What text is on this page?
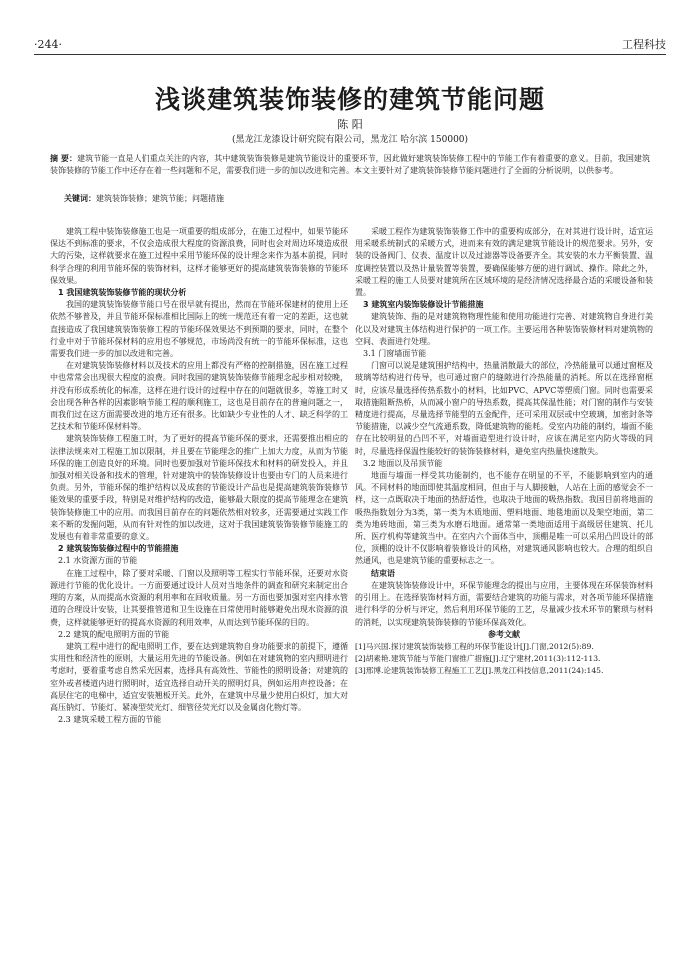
·244·	工程科技
浅谈建筑装饰装修的建筑节能问题
陈 阳
(黑龙江龙漆设计研究院有限公司，黑龙江 哈尔滨 150000)
摘 要：建筑节能一直是人们重点关注的内容，其中建筑装饰装修是建筑节能设计的重要环节，因此做好建筑装饰装修工程中的节能工作有着重要的意义。目前，我国建筑装饰装修的节能工作中还存在着一些问题和不足，需要我们进一步的加以改进和完善。本文主要针对了建筑装饰装修节能问题进行了全面的分析说明，以供参考。
关键词：建筑装饰装修；建筑节能；问题措施

建筑工程中装饰装修施工也是一项重要的组成部分，在施工过程中，如果节能环保达不到标准的要求，不仅会造成很大程度的资源浪费，同时也会对周边环境造成很大的污染，这样就要求在施工过程中采用节能环保的设计理念来作为基本前提，同时科学合理的利用节能环保的装饰材料，这样才能够更好的提高建筑装饰装修的节能环保效果。

1 我国建筑装饰装修节能的现状分析

我国的建筑装饰装修节能口号在很早就有提出，然而在节能环保建材的使用上还依然不够普及，并且节能环保标准相比国际上的统一规范还有着一定的差距，这也就直接造成了我国建筑装饰装修工程的节能环保效果达不到预期的要求，同时，在整个行业中对于节能环保材料的应用也不够规范，市场尚没有统一的节能环保标准，这也需要我们进一步的加以改进和完善。

在对建筑装饰装修材料以及技术的应用上都没有严格的控制措施，因在施工过程中也常常会出现很大程度的浪费。同时我国的建筑装饰装修节能理念起步相对较晚，并没有形成系统化的标准，这样在进行设计的过程中存在的问题就很多，等施工时又会出现各种各样的因素影响节能工程的顺利施工，这也是目前存在的普遍问题之一，而我们过在这方面需要改进的地方还有很多。比如缺少专业性的人才、缺乏科学的工艺技术和节能环保材料等。

建筑装饰装修工程施工时，为了更好的提高节能环保的要求，还需要推出相应的法律法规来对工程施工加以限制，并且要在节能理念的推广上加大力度，从而为节能环保的施工创造良好的环境。同时也要加强对节能环保技术和材料的研发投入，并且加强对相关设备和技术的管理，针对建筑中的装饰装修设计也要由专门的人员来进行负责。另外，节能环保的维护结构以及成套的节能设计产品也是提高建筑装饰装修节能效果的重要手段，特别是对维护结构的改造，能够最大限度的提高节能理念在建筑装饰装修施工中的应用。而我国目前存在的问题依然相对较多，还需要通过实践工作来不断的发掘问题，从而有针对性的加以改进，这对于我国建筑装饰装修节能施工的发展也有着非常重要的意义。

2 建筑装饰装修过程中的节能措施
2.1 水资源方面的节能

在施工过程中，除了要对采暖、门窗以及照明等工程实行节能环保，还要对水资源进行节能的优化设计。一方面要通过设计人员对当地条件的调查和研究来制定出合理的方案，从而提高水资源的利用率和在回收质量。另一方面也要加强对室内排水管道的合理设计安装，让其要推管道和卫生设施在日常使用时能够避免出现水资源的浪费，这样就能够更好的提高水资源的利用效率，从而达到节能环保的目的。

2.2 建筑的配电照明方面的节能

建筑工程中进行的配电照明工作，要在达到建筑物自身功能要求的前提下，遵循实用性和经济性的原则，大量运用先进的节能设备。例如在对建筑物的室内照明进行考虑时，要着重考虑自然采光因素，选择具有高效性、节能性的照明设备；对建筑的室外或者楼道内进行照明时，适宜选择自动开关的照明灯具，例如运用声控设备；在高层住宅的电梯中，适宜安装翘板开关。此外，在建筑中尽量少使用白炽灯，加大对高压钠灯、节能灯、紧凑型荧光灯、细管径荧光灯以及金属卤化物灯等。

2.3 建筑采暖工程方面的节能

采暖工程作为建筑装饰装修工作中的重要构成部分，在对其进行设计时，适宜运用采暖系统制式的采暖方式，进而来有效的满足建筑节能设计的规范要求。另外，安装的设备阀门、仪表、温度计以及过滤器等设备要齐全。其安装的水力平衡装置、温度调控装置以及热计量装置等装置，要确保能够方便的进行调试、操作。除此之外，采暖工程的施工人员要对建筑所在区域环境的是经济情况选择最合适的采暖设备和装置。

3 建筑室内装饰装修设计节能措施

建筑装饰、指的是对建筑物物理性能和使用功能进行完善、对建筑物自身进行美化以及对建筑主体结构进行保护的一项工作。主要运用各种装饰装修材料对建筑物的空间、表面进行处理。

3.1 门窗墙面节能

门窗可以说是建筑围护结构中，热量消散最大的部位，冷热能量可以通过窗框及玻璃等结构进行传导，也可通过窗户的缝隙进行冷热能量的消耗。所以在选择窗框时，应该尽量选择传热系数小的材料，比如PVC、APVC等塑质门窗。同时也需要采取措施阻断热桥，从而减小窗户的导热系数，提高其保温性能；对门窗的制作与安装精度进行提高，尽量选择节能型的五金配件，还可采用双层或中空玻璃，加密封条等节能措施，以减少空气流通系数，降低建筑物的能耗。受室内功能的制约，墙面不能存在比较明显的凸凹不平，对墙面造型进行设计时，应该在满足室内防火等级的同时，尽量选择保温性能较好的装饰装修材料，避免室内热量快速散失。

3.2 地面以及吊顶节能

地面与墙面一样受其功能制约，也不能存在明显的不平，不能影响到室内的通风。不同材料的地面即使其温度相同，但由于与人脚接触，人站在上面的感觉会不一样，这一点既取决于地面的热舒适性，也取决于地面的吸热指数。我国目前将地面的吸热指数划分为3类，第一类为木质地面、塑料地面、地毯地面以及架空地面，第二类为地砖地面，第三类为水磨石地面。通常第一类地面适用于高级居住建筑、托儿所、医疗机构等建筑当中。在室内六个面体当中，顶棚是唯一可以采用凸凹设计的部位，顶棚的设计不仅影响着装修设计的风格，对建筑通风影响也较大。合理的组织自然通风，也是建筑节能的重要标志之一。

结束语

在建筑装饰装修设计中，环保节能理念的提出与应用，主要体现在环保装饰材料的引用上。在选择装饰材料方面，需要结合建筑的功能与需求，对各项节能环保措施进行科学的分析与评定，然后利用环保节能的工艺，尽量减少技术环节的繁琐与材料的消耗，以实现建筑装饰装修的节能环保高效化。

参考文献
[1]马兴国.探讨建筑装饰装修工程的环保节能设计[J].门窗,2012(5):89.
[2]胡素艳.建筑节能与节能门窗推广措施[J].辽宁建材,2011(3):112-113.
[3]邢博.论建筑装饰装修工程施工工艺[J].黑龙江科技信息,2011(24):145.
